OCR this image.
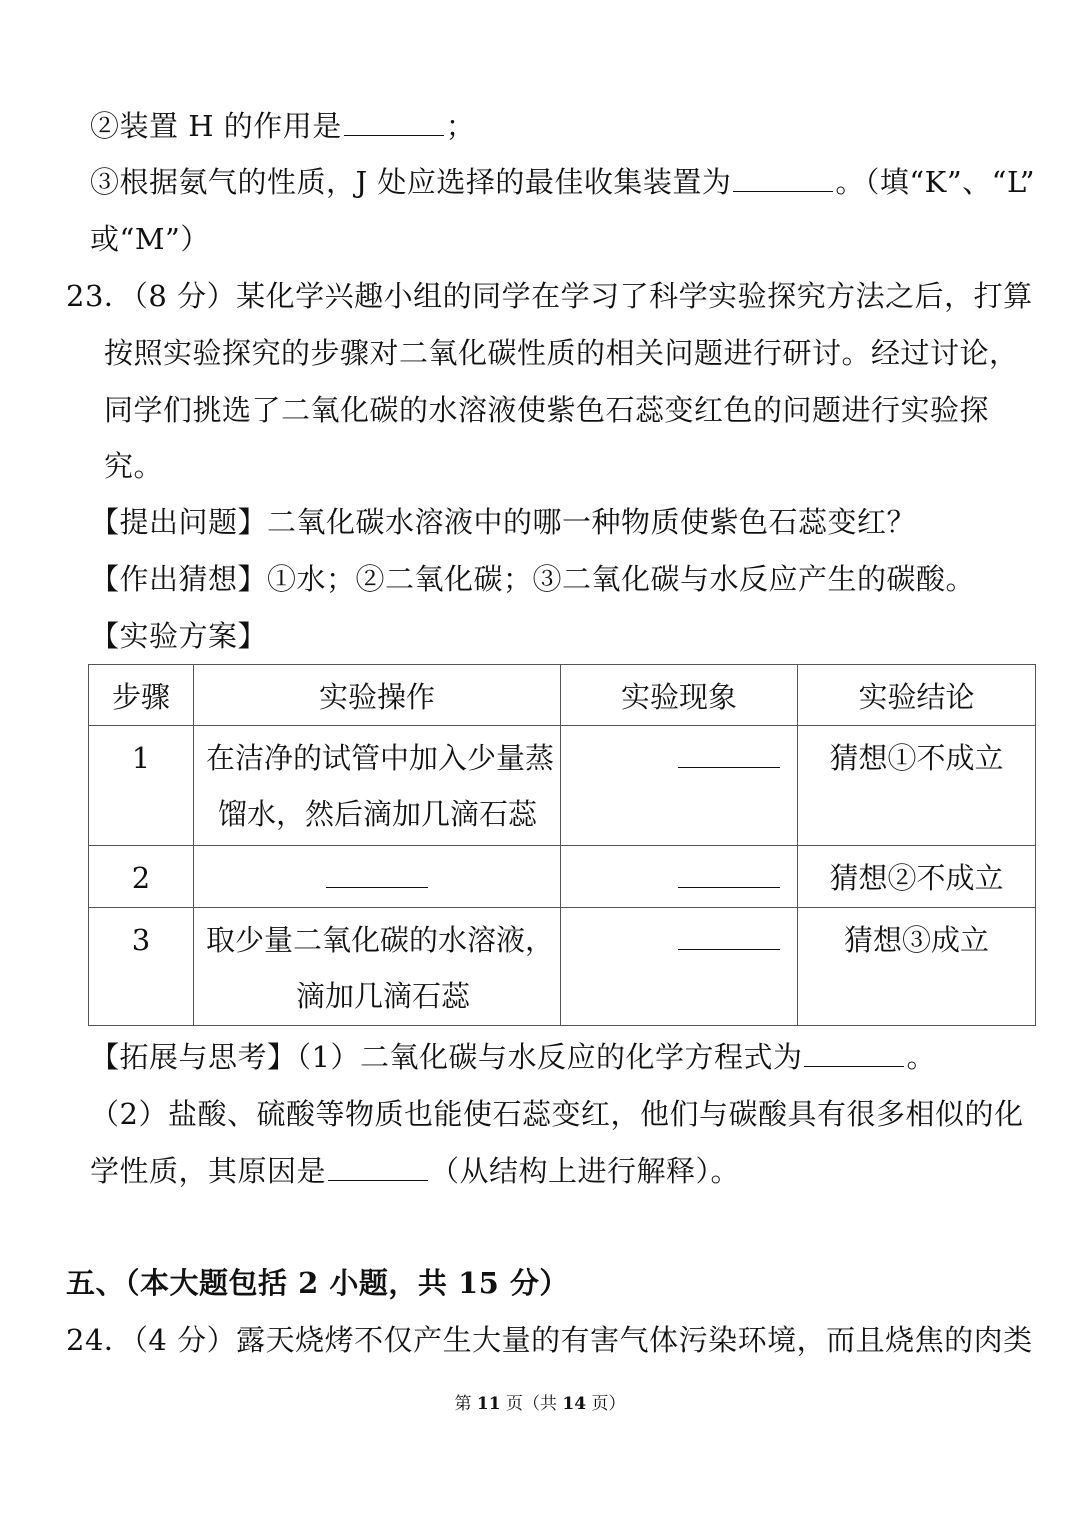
②装置 H 的作用是	；
③根据氨气的性质，J 处应选择的最佳收集装置为	。（填“K”、“L”
或“M”）
23．（8 分）某化学兴趣小组的同学在学习了科学实验探究方法之后，打算
按照实验探究的步骤对二氧化碳性质的相关问题进行研讨。经过讨论，
同学们挑选了二氧化碳的水溶液使紫色石蕊变红色的问题进行实验探
究。
【提出问题】二氧化碳水溶液中的哪一种物质使紫色石蕊变红？
【作出猜想】①水；②二氧化碳；③二氧化碳与水反应产生的碳酸。
【实验方案】
步骤	实验操作	实验现象	实验结论

1	在洁净的试管中加入少量蒸
馏水，然后滴加几滴石蕊		猜想①不成立

2			猜想②不成立

3	取少量二氧化碳的水溶液，
滴加几滴石蕊		猜想③成立
【拓展与思考】（1）二氧化碳与水反应的化学方程式为	。
（2）盐酸、硫酸等物质也能使石蕊变红，他们与碳酸具有很多相似的化
学性质，其原因是	（从结构上进行解释）。
五、（本大题包括 2 小题，共 15 分）
24．（4 分）露天烧烤不仅产生大量的有害气体污染环境，而且烧焦的肉类
第 11 页（共 14 页）
